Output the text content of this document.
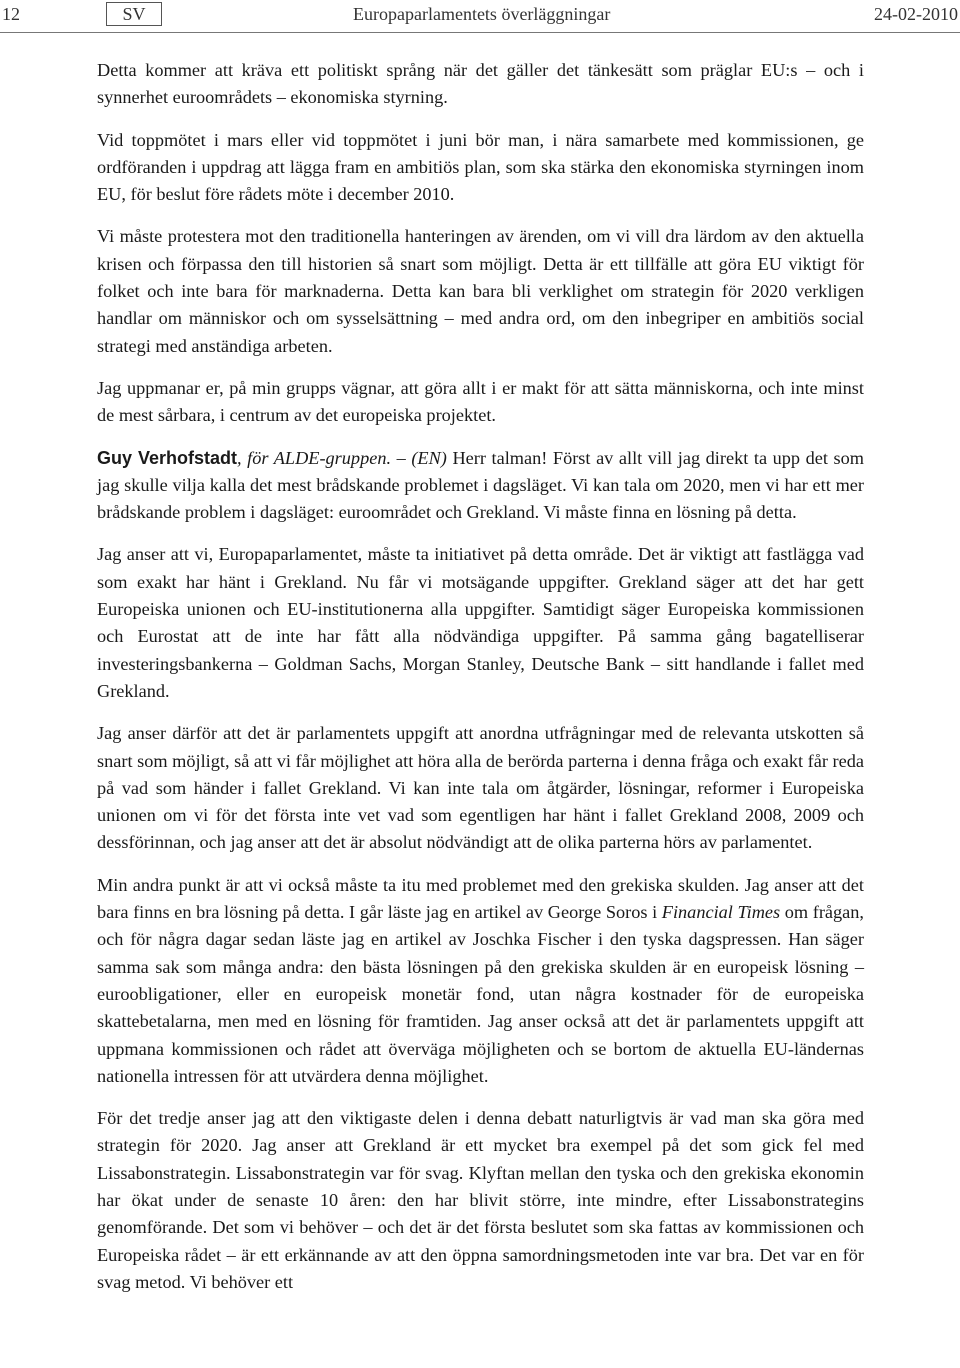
12	SV	Europaparlamentets överläggningar	24-02-2010

Detta kommer att kräva ett politiskt språng när det gäller det tänkesätt som präglar EU:s – och i synnerhet euroområdets – ekonomiska styrning.

Vid toppmötet i mars eller vid toppmötet i juni bör man, i nära samarbete med kommissionen, ge ordföranden i uppdrag att lägga fram en ambitiös plan, som ska stärka den ekonomiska styrningen inom EU, för beslut före rådets möte i december 2010.

Vi måste protestera mot den traditionella hanteringen av ärenden, om vi vill dra lärdom av den aktuella krisen och förpassa den till historien så snart som möjligt. Detta är ett tillfälle att göra EU viktigt för folket och inte bara för marknaderna. Detta kan bara bli verklighet om strategin för 2020 verkligen handlar om människor och om sysselsättning – med andra ord, om den inbegriper en ambitiös social strategi med anständiga arbeten.

Jag uppmanar er, på min grupps vägnar, att göra allt i er makt för att sätta människorna, och inte minst de mest sårbara, i centrum av det europeiska projektet.

Guy Verhofstadt, för ALDE-gruppen. – (EN) Herr talman! Först av allt vill jag direkt ta upp det som jag skulle vilja kalla det mest brådskande problemet i dagsläget. Vi kan tala om 2020, men vi har ett mer brådskande problem i dagsläget: euroområdet och Grekland. Vi måste finna en lösning på detta.

Jag anser att vi, Europaparlamentet, måste ta initiativet på detta område. Det är viktigt att fastlägga vad som exakt har hänt i Grekland. Nu får vi motsägande uppgifter. Grekland säger att det har gett Europeiska unionen och EU-institutionerna alla uppgifter. Samtidigt säger Europeiska kommissionen och Eurostat att de inte har fått alla nödvändiga uppgifter. På samma gång bagatelliserar investeringsbankerna – Goldman Sachs, Morgan Stanley, Deutsche Bank – sitt handlande i fallet med Grekland.

Jag anser därför att det är parlamentets uppgift att anordna utfrågningar med de relevanta utskotten så snart som möjligt, så att vi får möjlighet att höra alla de berörda parterna i denna fråga och exakt får reda på vad som händer i fallet Grekland. Vi kan inte tala om åtgärder, lösningar, reformer i Europeiska unionen om vi för det första inte vet vad som egentligen har hänt i fallet Grekland 2008, 2009 och dessförinnan, och jag anser att det är absolut nödvändigt att de olika parterna hörs av parlamentet.

Min andra punkt är att vi också måste ta itu med problemet med den grekiska skulden. Jag anser att det bara finns en bra lösning på detta. I går läste jag en artikel av George Soros i Financial Times om frågan, och för några dagar sedan läste jag en artikel av Joschka Fischer i den tyska dagspressen. Han säger samma sak som många andra: den bästa lösningen på den grekiska skulden är en europeisk lösning – euroobligationer, eller en europeisk monetär fond, utan några kostnader för de europeiska skattebetalarna, men med en lösning för framtiden. Jag anser också att det är parlamentets uppgift att uppmana kommissionen och rådet att överväga möjligheten och se bortom de aktuella EU-ländernas nationella intressen för att utvärdera denna möjlighet.

För det tredje anser jag att den viktigaste delen i denna debatt naturligtvis är vad man ska göra med strategin för 2020. Jag anser att Grekland är ett mycket bra exempel på det som gick fel med Lissabonstrategin. Lissabonstrategin var för svag. Klyftan mellan den tyska och den grekiska ekonomin har ökat under de senaste 10 åren: den har blivit större, inte mindre, efter Lissabonstrategins genomförande. Det som vi behöver – och det är det första beslutet som ska fattas av kommissionen och Europeiska rådet – är ett erkännande av att den öppna samordningsmetoden inte var bra. Det var en för svag metod. Vi behöver ett
